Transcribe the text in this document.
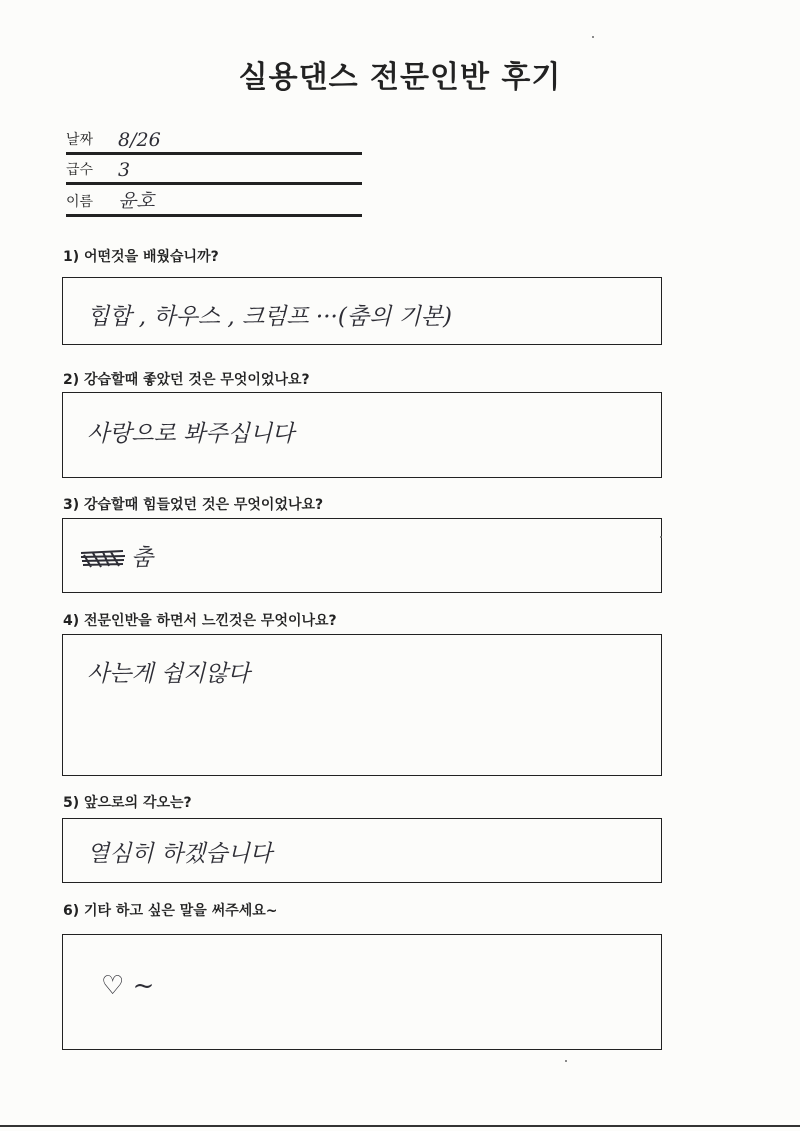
실용댄스 전문인반 후기
날짜 8/26
급수 3
이름 윤호
1) 어떤것을 배웠습니까?
힙합 , 하우스 , 크럼프 ···(춤의 기본)
2) 강습할때 좋았던 것은 무엇이었나요?
사랑으로 봐주십니다
3) 강습할때 힘들었던 것은 무엇이었나요?
춤
4) 전문인반을 하면서 느낀것은 무엇이나요?
사는게 쉽지않다
5) 앞으로의 각오는?
열심히 하겠습니다
6) 기타 하고 싶은 말을 써주세요~
♡ ~
